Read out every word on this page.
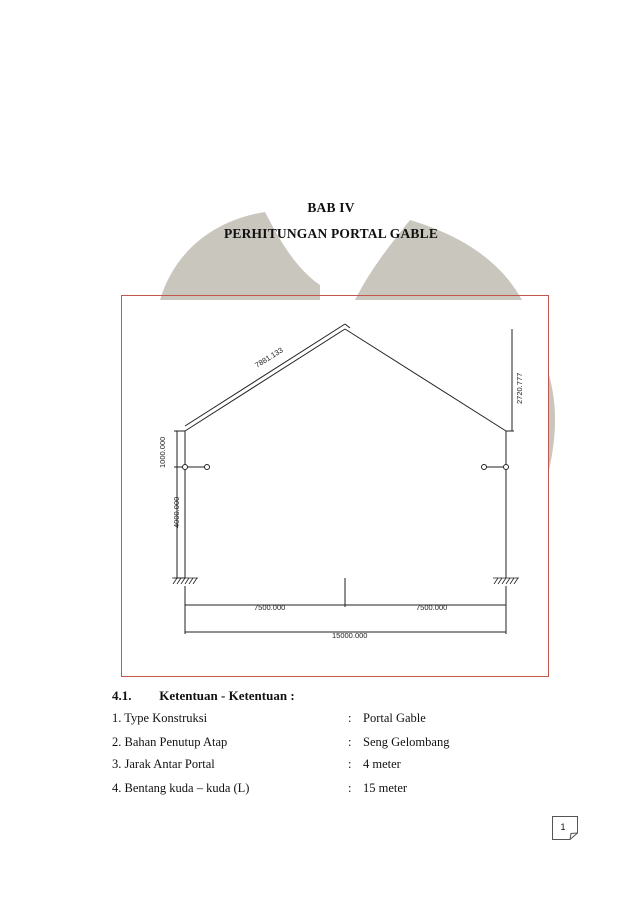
BAB IV
PERHITUNGAN PORTAL GABLE
7881.133
2720.777
1000.000
4000.000
7500.000	7500.000
15000.000
4.1. Ketentuan - Ketentuan :
1. Type Konstruksi	: Portal Gable
2. Bahan Penutup Atap	: Seng Gelombang
3. Jarak Antar Portal	: 4 meter
4. Bentang kuda – kuda (L)	: 15 meter
1
